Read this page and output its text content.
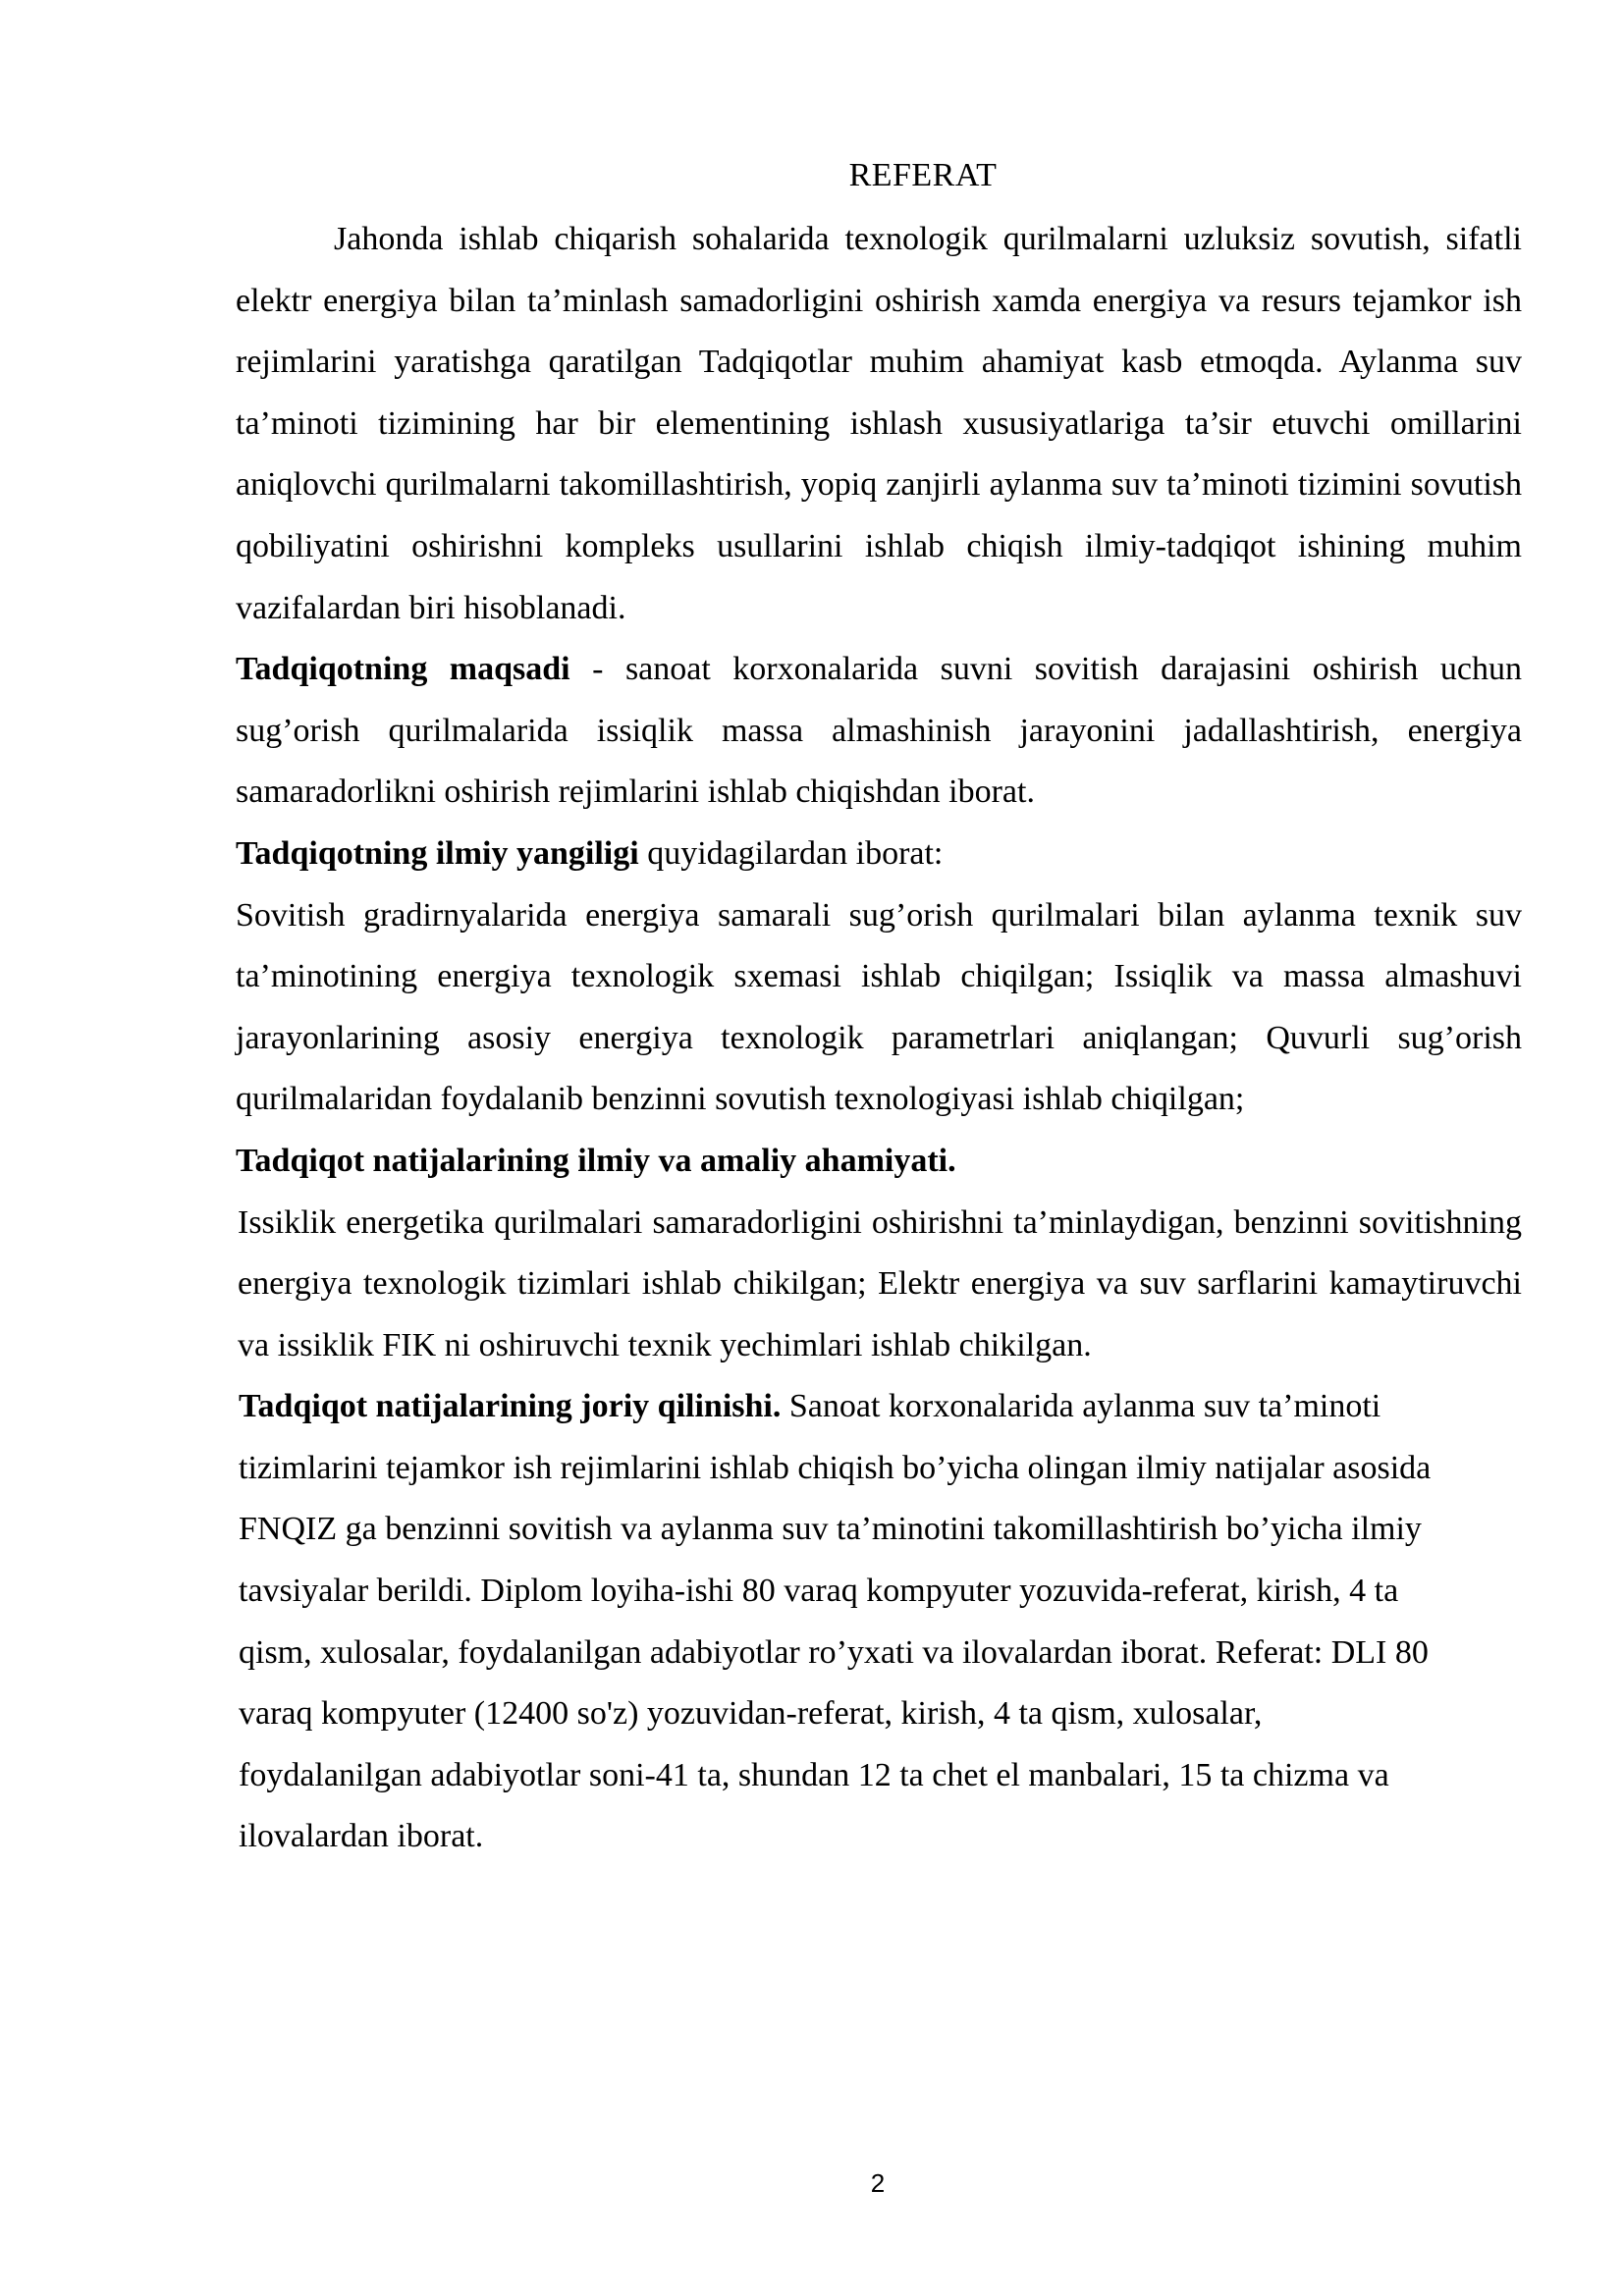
REFERAT

Jahonda ishlab chiqarish sohalarida texnologik qurilmalarni uzluksiz sovutish, sifatli elektr energiya bilan ta’minlash samadorligini oshirish xamda energiya va resurs tejamkor ish rejimlarini yaratishga qaratilgan Tadqiqotlar muhim ahamiyat kasb etmoqda. Aylanma suv ta’minoti tizimining har bir elementining ishlash xususiyatlariga ta’sir etuvchi omillarini aniqlovchi qurilmalarni takomillashtirish, yopiq zanjirli aylanma suv ta’minoti tizimini sovutish qobiliyatini oshirishni kompleks usullarini ishlab chiqish ilmiy-tadqiqot ishining muhim vazifalardan biri hisoblanadi.

Tadqiqotning maqsadi - sanoat korxonalarida suvni sovitish darajasini oshirish uchun sug’orish qurilmalarida issiqlik massa almashinish jarayonini jadallashtirish, energiya samaradorlikni oshirish rejimlarini ishlab chiqishdan iborat.

Tadqiqotning ilmiy yangiligi quyidagilardan iborat:

Sovitish gradirnyalarida energiya samarali sug’orish qurilmalari bilan aylanma texnik suv ta’minotining energiya texnologik sxemasi ishlab chiqilgan; Issiqlik va massa almashuvi jarayonlarining asosiy energiya texnologik parametrlari aniqlangan; Quvurli sug’orish qurilmalaridan foydalanib benzinni sovutish texnologiyasi ishlab chiqilgan;

Tadqiqot natijalarining ilmiy va amaliy ahamiyati.

Issiklik energetika qurilmalari samaradorligini oshirishni ta’minlaydigan, benzinni sovitishning energiya texnologik tizimlari ishlab chikilgan; Elektr energiya va suv sarflarini kamaytiruvchi va issiklik FIK ni oshiruvchi texnik yechimlari ishlab chikilgan.

Tadqiqot natijalarining joriy qilinishi. Sanoat korxonalarida aylanma suv ta’minoti
tizimlarini tejamkor ish rejimlarini ishlab chiqish bo’yicha olingan ilmiy natijalar asosida
FNQIZ ga benzinni sovitish va aylanma suv ta’minotini takomillashtirish bo’yicha ilmiy
tavsiyalar berildi. Diplom loyiha-ishi 80 varaq kompyuter yozuvida-referat, kirish, 4 ta
qism, xulosalar, foydalanilgan adabiyotlar ro’yxati va ilovalardan iborat. Referat: DLI 80
varaq kompyuter (12400 so'z) yozuvidan-referat, kirish, 4 ta qism, xulosalar,
foydalanilgan adabiyotlar soni-41 ta, shundan 12 ta chet el manbalari, 15 ta chizma va
ilovalardan iborat.
2
